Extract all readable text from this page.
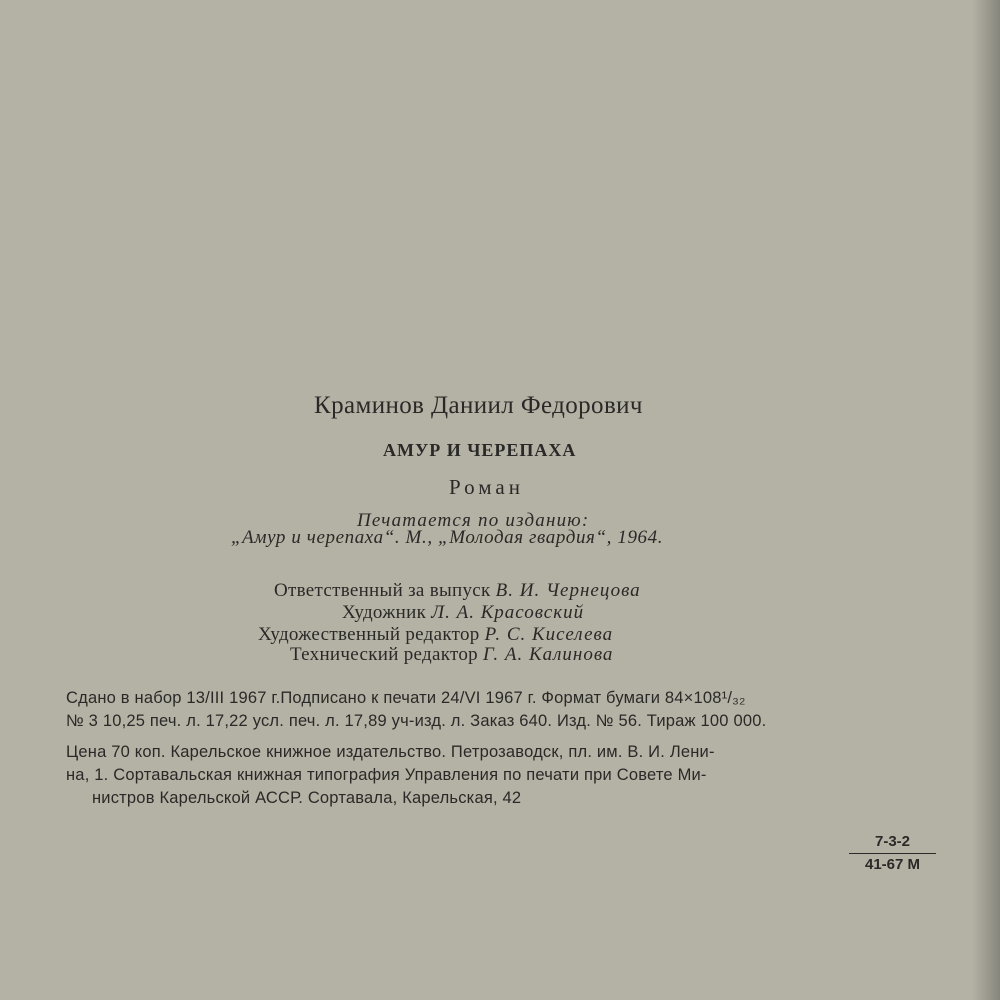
Краминов Даниил Федорович
АМУР И ЧЕРЕПАХА
Роман
Печатается по изданию:
„Амур и черепаха“. М., „Молодая гвардия“, 1964.
Ответственный за выпуск В. И. Чернецова
Художник Л. А. Красовский
Художественный редактор Р. С. Киселева
Технический редактор Г. А. Калинова
Сдано в набор 13/III 1967 г.Подписано к печати 24/VI 1967 г. Формат бумаги 84×108¹/₃₂
№ 3 10,25 печ. л. 17,22 усл. печ. л. 17,89 уч-изд. л. Заказ 640. Изд. № 56. Тираж 100 000.
Цена 70 коп. Карельское книжное издательство. Петрозаводск, пл. им. В. И. Лени-
на, 1. Сортавальская книжная типография Управления по печати при Совете Ми-
нистров Карельской АССР. Сортавала, Карельская, 42
7-3-2
41-67 М
